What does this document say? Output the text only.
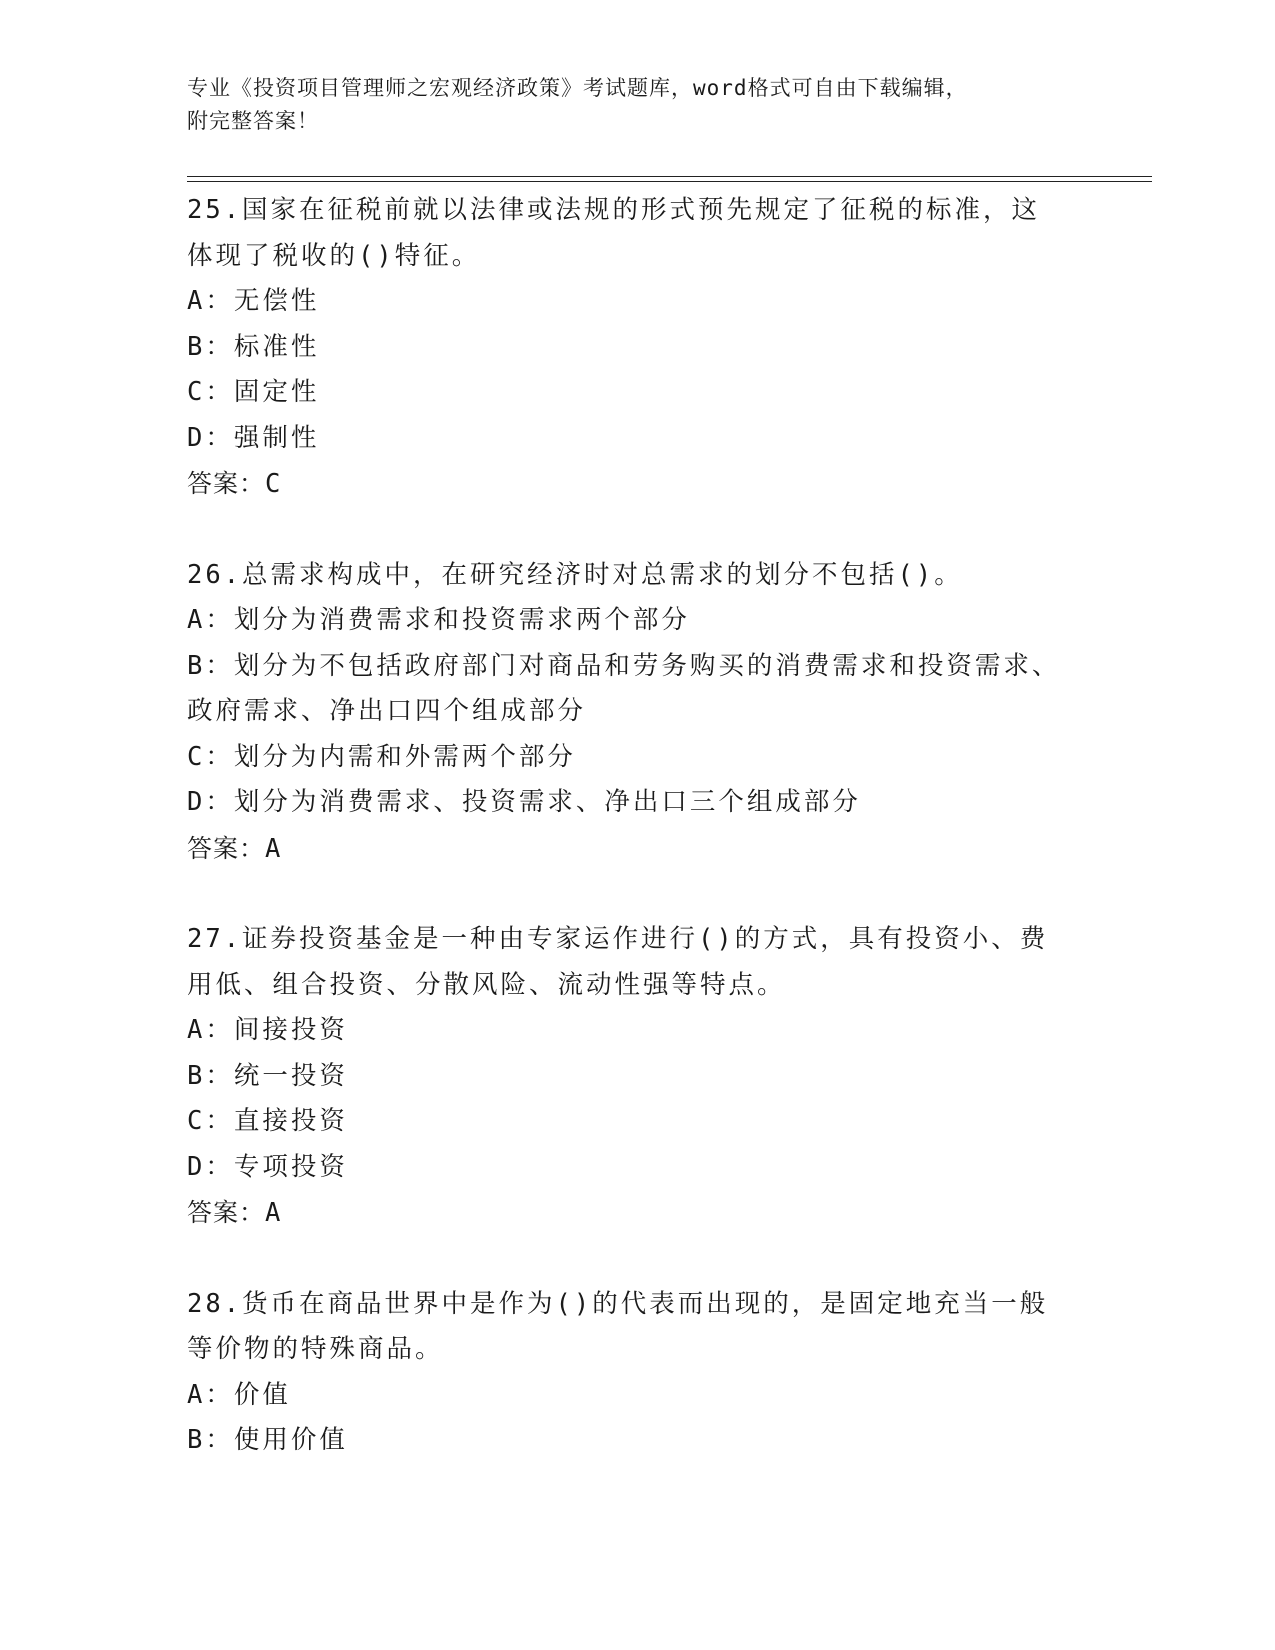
专业《投资项目管理师之宏观经济政策》考试题库，word格式可自由下载编辑，
附完整答案！
25.国家在征税前就以法律或法规的形式预先规定了征税的标准，这体现了税收的()特征。
A：无偿性
B：标准性
C：固定性
D：强制性
答案：C
26.总需求构成中，在研究经济时对总需求的划分不包括()。
A：划分为消费需求和投资需求两个部分
B：划分为不包括政府部门对商品和劳务购买的消费需求和投资需求、政府需求、净出口四个组成部分
C：划分为内需和外需两个部分
D：划分为消费需求、投资需求、净出口三个组成部分
答案：A
27.证券投资基金是一种由专家运作进行()的方式，具有投资小、费用低、组合投资、分散风险、流动性强等特点。
A：间接投资
B：统一投资
C：直接投资
D：专项投资
答案：A
28.货币在商品世界中是作为()的代表而出现的，是固定地充当一般等价物的特殊商品。
A：价值
B：使用价值
